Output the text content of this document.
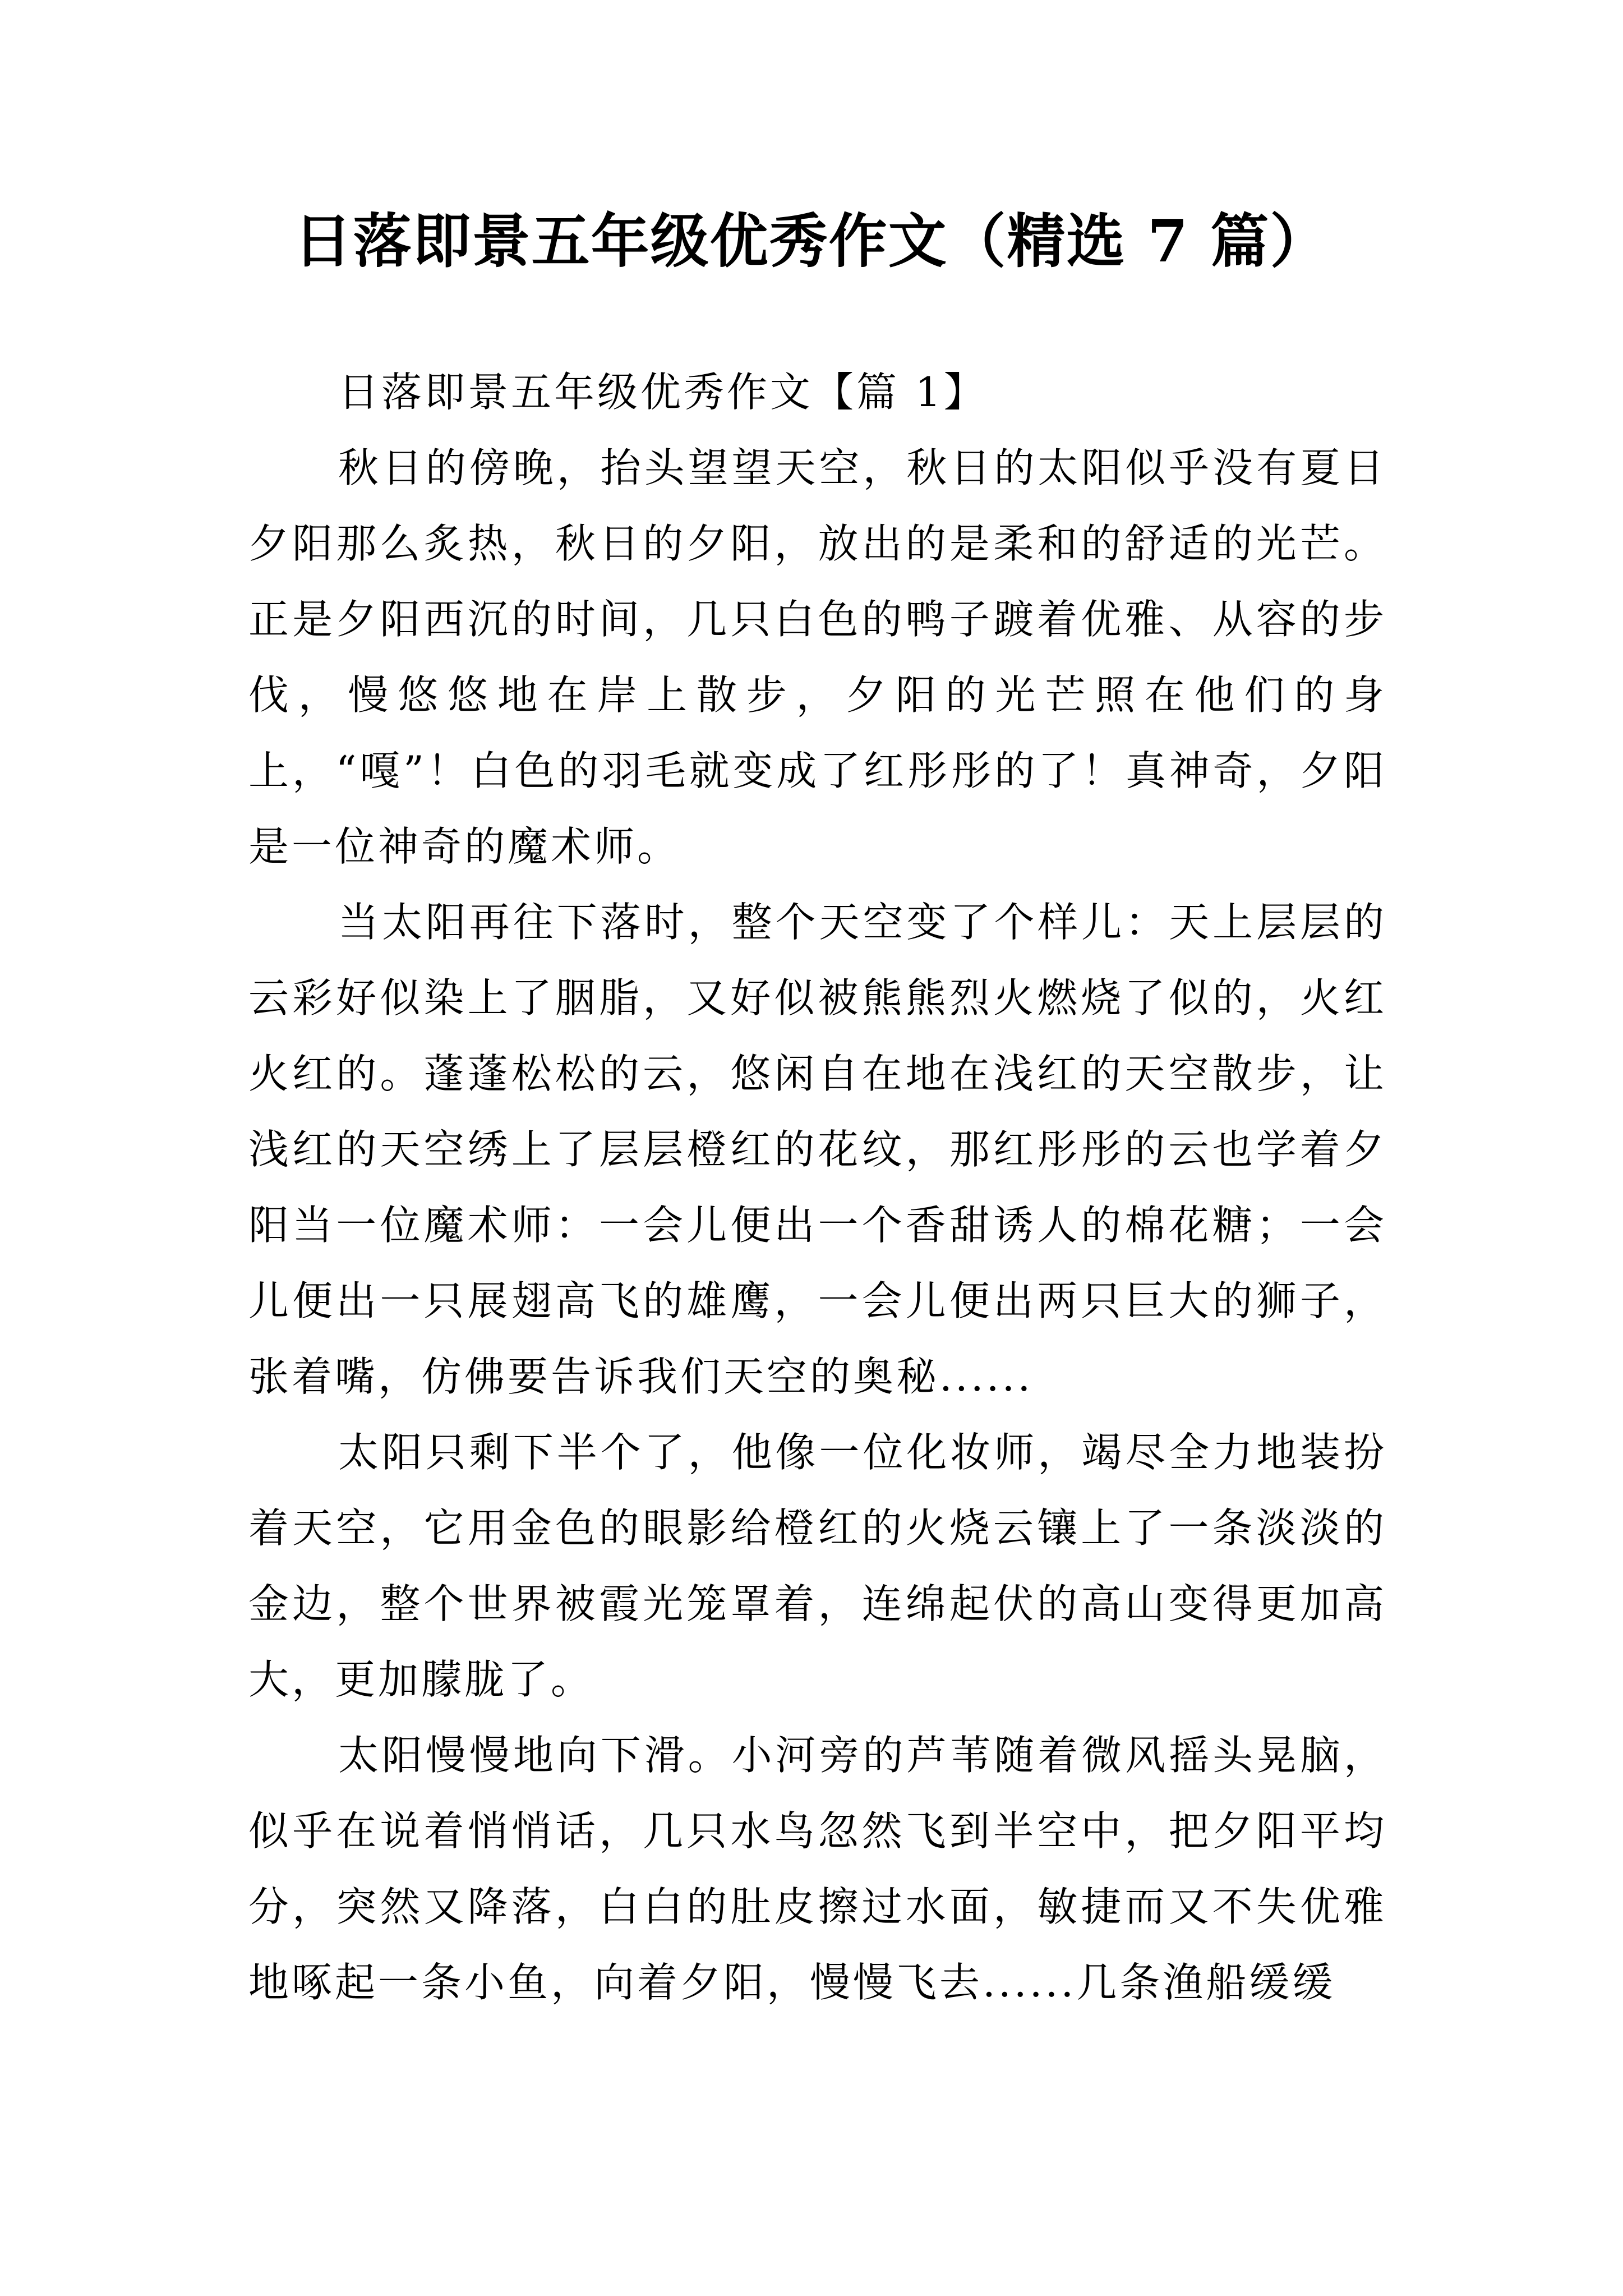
日落即景五年级优秀作文（精选 7 篇）

日落即景五年级优秀作文【篇 1】

秋日的傍晚，抬头望望天空，秋日的太阳似乎没有夏日夕阳那么炙热，秋日的夕阳，放出的是柔和的舒适的光芒。正是夕阳西沉的时间，几只白色的鸭子踱着优雅、从容的步伐，慢悠悠地在岸上散步，夕阳的光芒照在他们的身上，“嘎”！白色的羽毛就变成了红彤彤的了！真神奇，夕阳是一位神奇的魔术师。

当太阳再往下落时，整个天空变了个样儿：天上层层的云彩好似染上了胭脂，又好似被熊熊烈火燃烧了似的，火红火红的。蓬蓬松松的云，悠闲自在地在浅红的天空散步，让浅红的天空绣上了层层橙红的花纹，那红彤彤的云也学着夕阳当一位魔术师：一会儿便出一个香甜诱人的棉花糖；一会儿便出一只展翅高飞的雄鹰，一会儿便出两只巨大的狮子，张着嘴，仿佛要告诉我们天空的奥秘......

太阳只剩下半个了，他像一位化妆师，竭尽全力地装扮着天空，它用金色的眼影给橙红的火烧云镶上了一条淡淡的金边，整个世界被霞光笼罩着，连绵起伏的高山变得更加高大，更加朦胧了。

太阳慢慢地向下滑。小河旁的芦苇随着微风摇头晃脑，似乎在说着悄悄话，几只水鸟忽然飞到半空中，把夕阳平均分，突然又降落，白白的肚皮擦过水面，敏捷而又不失优雅地啄起一条小鱼，向着夕阳，慢慢飞去......几条渔船缓缓
